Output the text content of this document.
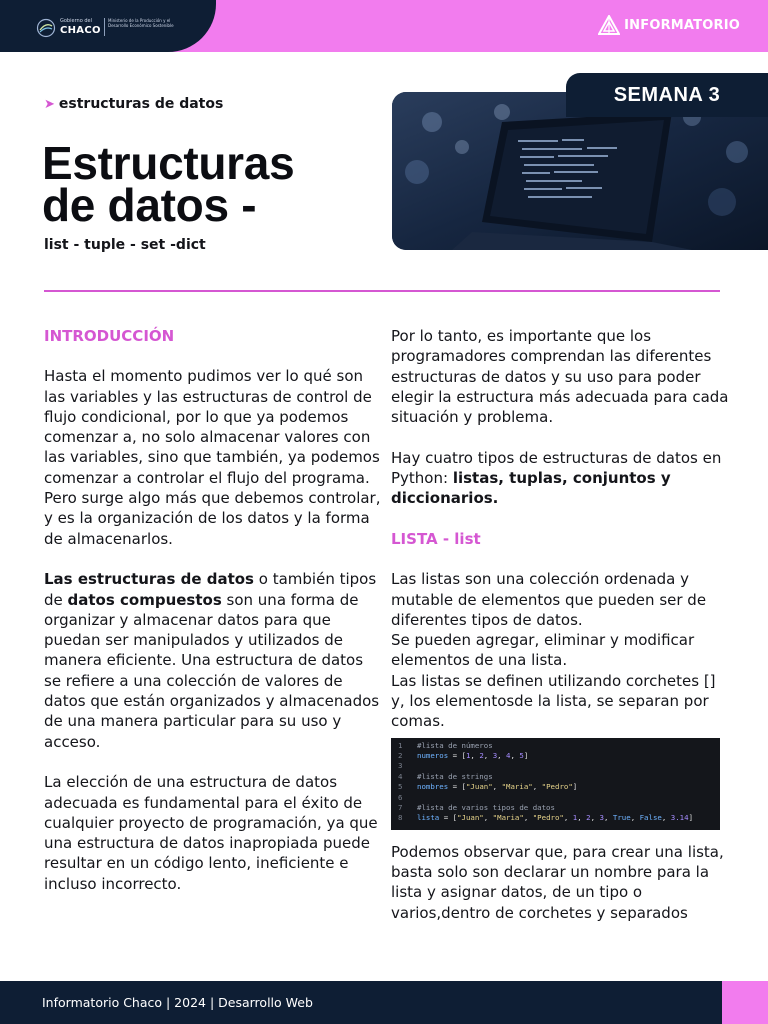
Gobierno del
CHACO
Ministerio de la Producción y el Desarrollo Económico Sostenible	INFORMATORIO
➤ estructuras de datos
Estructuras
de datos -
list - tuple - set -dict
SEMANA 3
INTRODUCCIÓN
Hasta el momento pudimos ver lo qué son las variables y las estructuras de control de flujo condicional, por lo que ya podemos comenzar a, no solo almacenar valores con las variables, sino que también, ya podemos comenzar a controlar el flujo del programa.
Pero surge algo más que debemos controlar, y es la organización de los datos y la forma de almacenarlos.
Las estructuras de datos o también tipos de datos compuestos son una forma de organizar y almacenar datos para que puedan ser manipulados y utilizados de manera eficiente. Una estructura de datos se refiere a una colección de valores de datos que están organizados y almacenados de una manera particular para su uso y acceso.
La elección de una estructura de datos adecuada es fundamental para el éxito de cualquier proyecto de programación, ya que una estructura de datos inapropiada puede resultar en un código lento, ineficiente e incluso incorrecto.
Por lo tanto, es importante que los programadores comprendan las diferentes estructuras de datos y su uso para poder elegir la estructura más adecuada para cada situación y problema.
Hay cuatro tipos de estructuras de datos en Python: listas, tuplas, conjuntos y diccionarios.
LISTA - list
Las listas son una colección ordenada y mutable de elementos que pueden ser de diferentes tipos de datos.
Se pueden agregar, eliminar y modificar elementos de una lista.
Las listas se definen utilizando corchetes [] y, los elementosde la lista, se separan por comas.
1	#lista de números
2	numeros = [ 1 , 2 , 3 , 4 , 5 ]
3
4	#lista de strings
5	nombres = [ "Juan" , "Maria" , "Pedro" ]
6
7	#lista de varios tipos de datos
8	lista = [ "Juan" , "Maria" , "Pedro" , 1 , 2 , 3 , True , False , 3.14 ]
Podemos observar que, para crear una lista, basta solo son declarar un nombre para la lista y asignar datos, de un tipo o varios,dentro de corchetes y separados
Informatorio Chaco | 2024 | Desarrollo Web
